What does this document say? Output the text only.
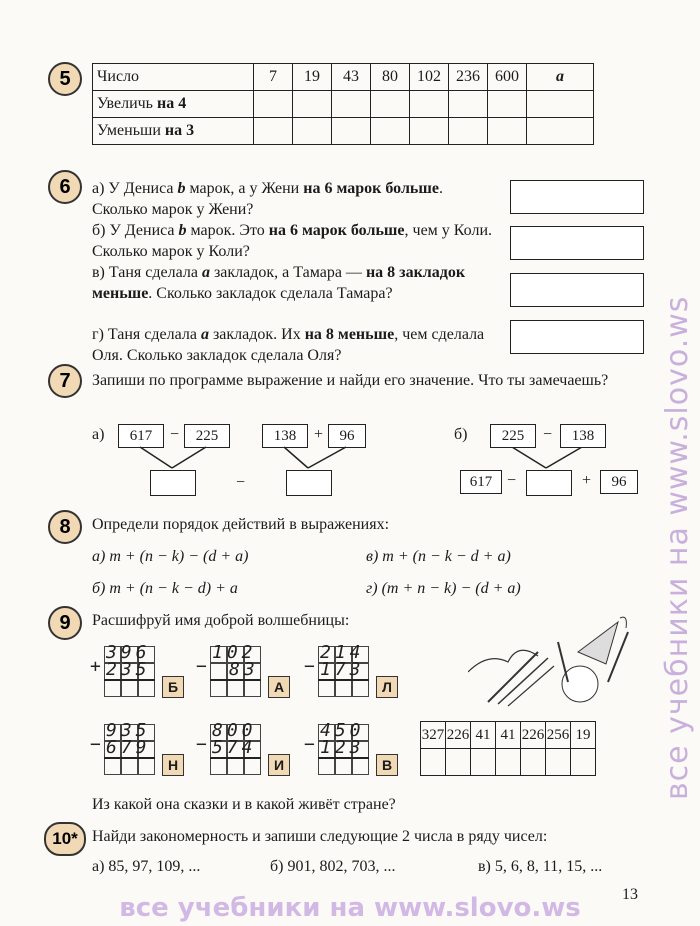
5	Число	7	19	43	80	102	236	600	a
Увеличь на 4								
Уменьши на 3								
6	а) У Дениса b марок, а у Жени на 6 марок больше. Сколько марок у Жени?
б) У Дениса b марок. Это на 6 марок больше, чем у Коли. Сколько марок у Коли?
в) Таня сделала a закладок, а Тамара — на 8 закладок меньше. Сколько закладок сделала Тамара?
г) Таня сделала a закладок. Их на 8 меньше, чем сделала Оля. Сколько закладок сделала Оля?
7	Запиши по программе выражение и найди его значение. Что ты замечаешь?
а)	617	−	225	138	+	96
−
б)	225	−	138
617 −	+	96
8	Определи порядок действий в выражениях:
а) m + (n − k) − (d + a)	в) m + (n − k − d + a)
б) m + (n − k − d) + a	г) (m + n − k) − (d + a)
9	Расшифруй имя доброй волшебницы:
+
396
235
Б
−
102
83
А
−
214
173
Л
−
935
679
Н
−
800
574
И
−
450
123
В
327	226	41	41	226	256	19

Из какой она сказки и в какой живёт стране?
10* Найди закономерность и запиши следующие 2 числа в ряду чисел:
а) 85, 97, 109, ...	б) 901, 802, 703, ...	в) 5, 6, 8, 11, 15, ...
13
все учебники на www.slovo.ws
все учебники на www.slovo.ws
